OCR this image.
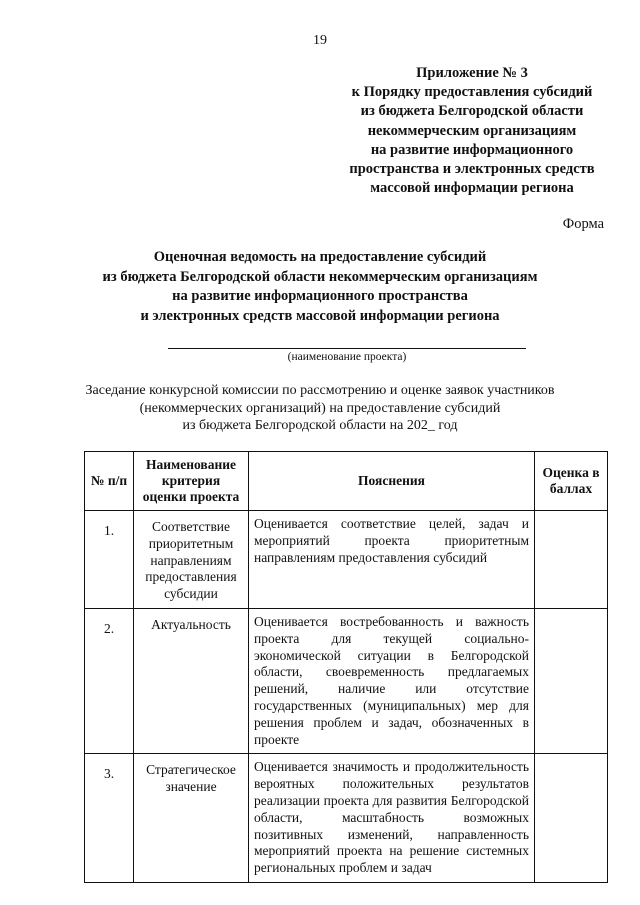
19
Приложение № 3
к Порядку предоставления субсидий
из бюджета Белгородской области
некоммерческим организациям
на развитие информационного
пространства и электронных средств
массовой информации региона
Форма
Оценочная ведомость на предоставление субсидий
из бюджета Белгородской области некоммерческим организациям
на развитие информационного пространства
и электронных средств массовой информации региона
(наименование проекта)
Заседание конкурсной комиссии по рассмотрению и оценке заявок участников
(некоммерческих организаций) на предоставление субсидий
из бюджета Белгородской области на 202_ год
№ п/п	Наименование критерия оценки проекта	Пояснения	Оценка в баллах
1.	Соответствие приоритетным направлениям предоставления субсидии	Оценивается соответствие целей, задач и мероприятий проекта приоритетным направлениям предоставления субсидий	
2.	Актуальность	Оценивается востребованность и важность проекта для текущей социально-экономической ситуации в Белгородской области, своевременность предлагаемых решений, наличие или отсутствие государственных (муниципальных) мер для решения проблем и задач, обозначенных в проекте	
3.	Стратегическое значение	Оценивается значимость и продолжительность вероятных положительных результатов реализации проекта для развития Белгородской области, масштабность возможных позитивных изменений, направленность мероприятий проекта на решение системных региональных проблем и задач	
